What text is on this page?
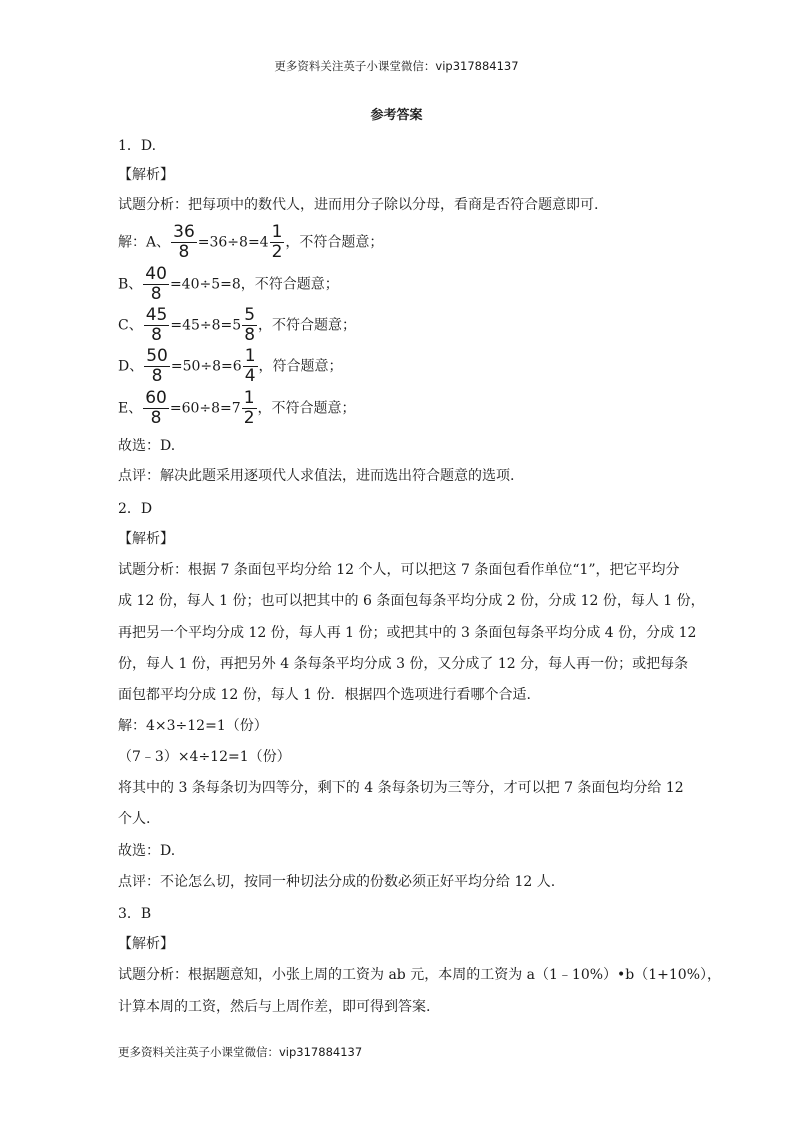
更多资料关注英子小课堂微信：vip317884137
参考答案
1．D.
【解析】
试题分析：把每项中的数代人，进而用分子除以分母，看商是否符合题意即可.
解：A、 $\frac{36}{8} =36\div 8=4 \frac{1}{2}$ ，不符合题意；
B、 $\frac{40}{8} =40\div 5=8$，不符合题意；
C、 $\frac{45}{8} =45\div 8=5 \frac{5}{8}$ ，不符合题意；
D、 $\frac{50}{8} =50\div 8=6 \frac{1}{4}$ ，符合题意；
E、 $\frac{60}{8} =60\div 8=7 \frac{1}{2}$ ，不符合题意；
故选：D.
点评：解决此题采用逐项代人求值法，进而选出符合题意的选项.
2．D
【解析】
试题分析：根据 7 条面包平均分给 12 个人，可以把这 7 条面包看作单位“1”，把它平均分
成 12 份，每人 1 份；也可以把其中的 6 条面包每条平均分成 2 份，分成 12 份，每人 1 份，
再把另一个平均分成 12 份，每人再 1 份；或把其中的 3 条面包每条平均分成 4 份，分成 12
份，每人 1 份，再把另外 4 条每条平均分成 3 份，又分成了 12 分，每人再一份；或把每条
面包都平均分成 12 份，每人 1 份．根据四个选项进行看哪个合适.
解：4×3÷12=1（份）
（7﹣3）×4÷12=1（份）
将其中的 3 条每条切为四等分，剩下的 4 条每条切为三等分，才可以把 7 条面包均分给 12
个人.
故选：D.
点评：不论怎么切，按同一种切法分成的份数必须正好平均分给 12 人.
3．B
【解析】
试题分析：根据题意知，小张上周的工资为 ab 元，本周的工资为 a（1﹣10%）•b（1+10%），
计算本周的工资，然后与上周作差，即可得到答案.
更多资料关注英子小课堂微信：vip317884137
